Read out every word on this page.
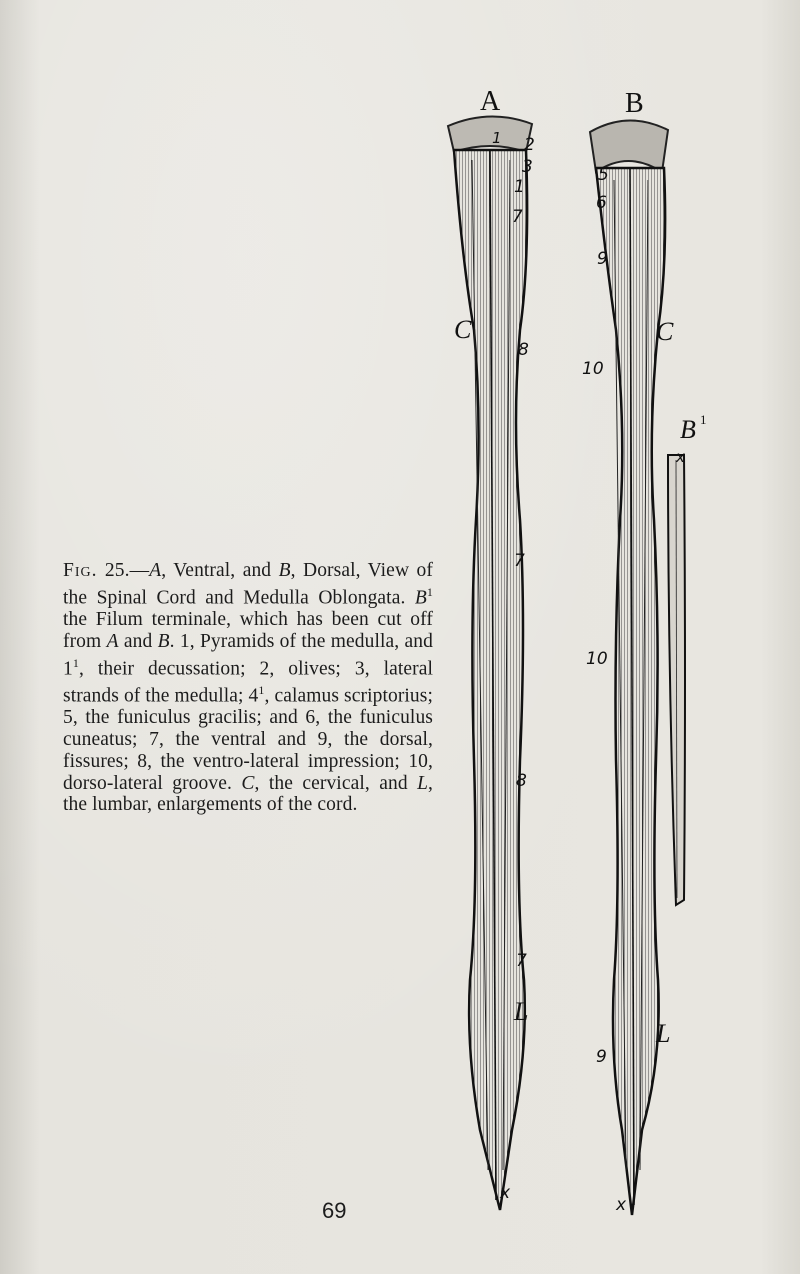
A
1 2
3
1
7
8
7
8
7
C
L
x
B
5
6
9
10
10
9
C
L
x
B 1
x
Fig. 25.—A, Ventral, and B, Dorsal, View of the Spinal Cord and Medulla Oblongata. $B^1$ the Filum terminale, which has been cut off from A and B. 1, Pyramids of the medulla, and $1^1$, their decussation; 2, olives; 3, lateral strands of the medulla; $4^1$, calamus scriptorius; 5, the funiculus gracilis; and 6, the funiculus cuneatus; 7, the ventral and 9, the dorsal, fissures; 8, the ventro-lateral impression; 10, dorso-lateral groove. C, the cervical, and L, the lumbar, enlargements of the cord.
69
